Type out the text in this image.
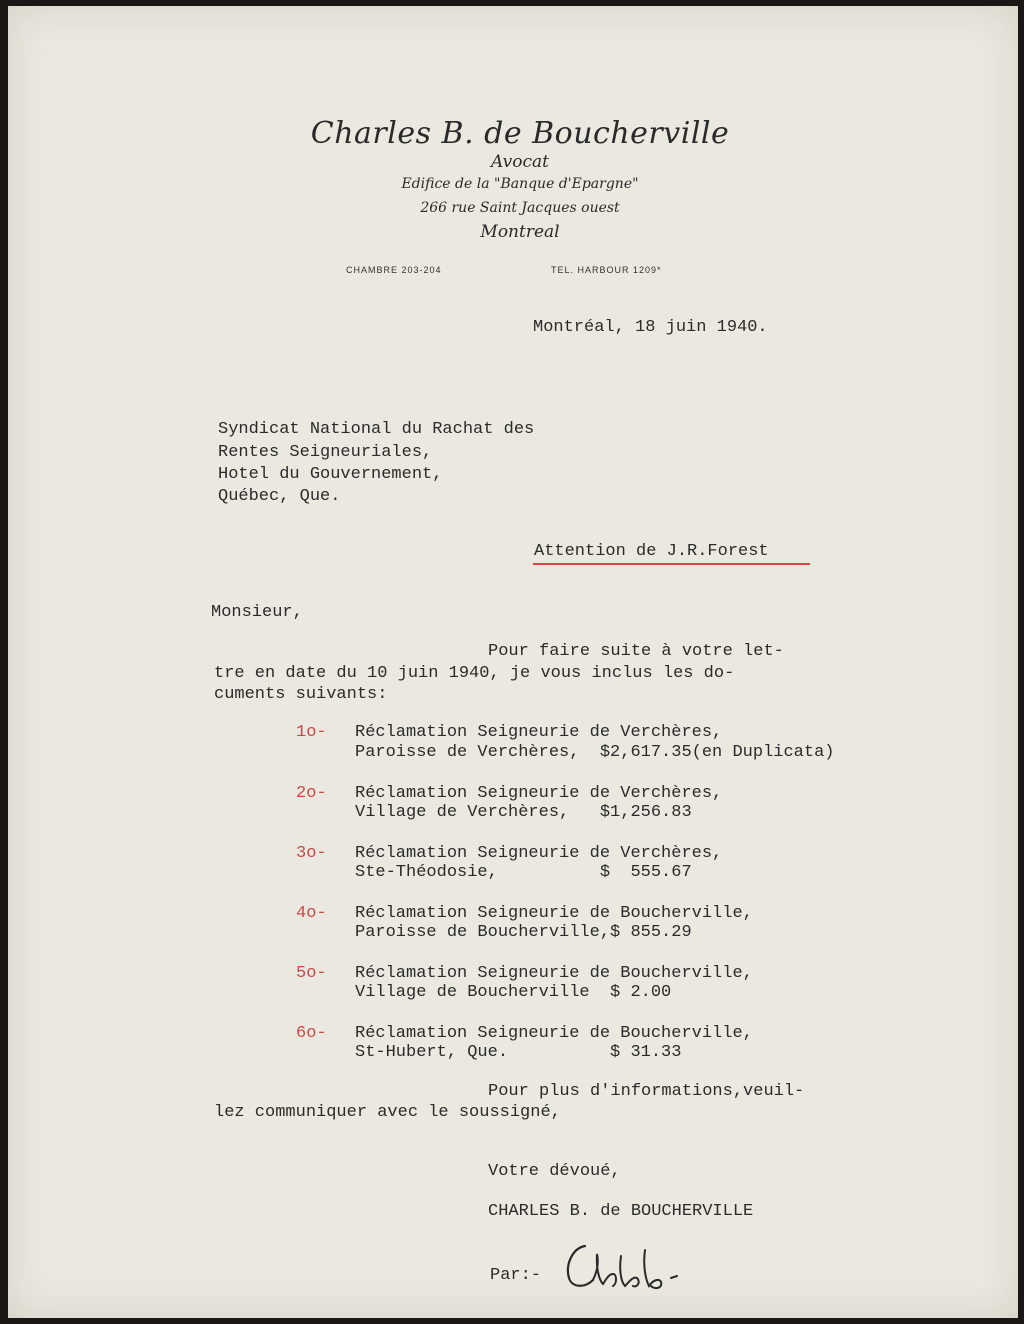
Charles B. de Boucherville
Avocat
Edifice de la "Banque d'Epargne"
266 rue Saint Jacques ouest
Montreal
CHAMBRE 203-204	TEL. HARBOUR 1209*
Montréal, 18 juin 1940.
Syndicat National du Rachat des
Rentes Seigneuriales,
Hotel du Gouvernement,
Québec, Que.
Attention de J.R.Forest
Monsieur,
Pour faire suite à votre let-
tre en date du 10 juin 1940, je vous inclus les do-
cuments suivants:
1o- Réclamation Seigneurie de Verchères,
Paroisse de Verchères,  $2,617.35(en Duplicata)
2o- Réclamation Seigneurie de Verchères,
Village de Verchères,   $1,256.83
3o- Réclamation Seigneurie de Verchères,
Ste-Théodosie,          $  555.67
4o- Réclamation Seigneurie de Boucherville,
Paroisse de Boucherville,$ 855.29
5o- Réclamation Seigneurie de Boucherville,
Village de Boucherville  $ 2.00
6o- Réclamation Seigneurie de Boucherville,
St-Hubert, Que.          $ 31.33
Pour plus d'informations,veuil-
lez communiquer avec le soussigné,
Votre dévoué,
CHARLES B. de BOUCHERVILLE
Par:-
